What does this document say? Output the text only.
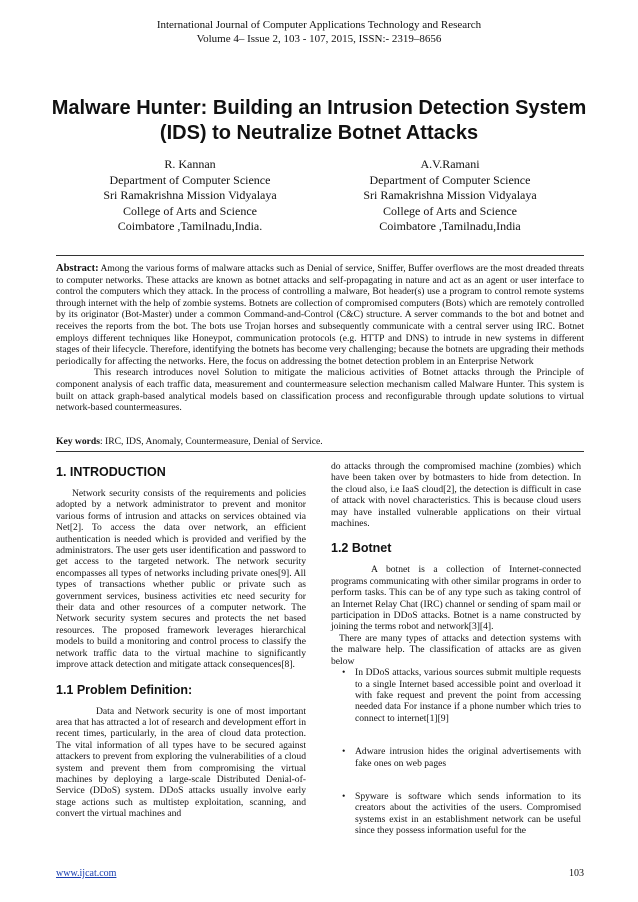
International Journal of Computer Applications Technology and Research
Volume 4– Issue 2, 103 - 107, 2015, ISSN:- 2319–8656
Malware Hunter: Building an Intrusion Detection System
(IDS) to Neutralize Botnet Attacks
R. Kannan
Department of Computer Science
Sri Ramakrishna Mission Vidyalaya
College of Arts and Science
Coimbatore ,Tamilnadu,India.
A.V.Ramani
Department of Computer Science
Sri Ramakrishna Mission Vidyalaya
College of Arts and Science
Coimbatore ,Tamilnadu,India

Abstract: Among the various forms of malware attacks such as Denial of service, Sniffer, Buffer overflows are the most dreaded threats to computer networks. These attacks are known as botnet attacks and self-propagating in nature and act as an agent or user interface to control the computers which they attack. In the process of controlling a malware, Bot header(s) use a program to control remote systems through internet with the help of zombie systems. Botnets are collection of compromised computers (Bots) which are remotely controlled by its originator (Bot-Master) under a common Command-and-Control (C&C) structure. A server commands to the bot and botnet and receives the reports from the bot. The bots use Trojan horses and subsequently communicate with a central server using IRC. Botnet employs different techniques like Honeypot, communication protocols (e.g. HTTP and DNS) to intrude in new systems in different stages of their lifecycle. Therefore, identifying the botnets has become very challenging; because the botnets are upgrading their methods periodically for affecting the networks. Here, the focus on addressing the botnet detection problem in an Enterprise Network

This research introduces novel Solution to mitigate the malicious activities of Botnet attacks through the Principle of component analysis of each traffic data, measurement and countermeasure selection mechanism called Malware Hunter. This system is built on attack graph-based analytical models based on classification process and reconfigurable through update solutions to virtual network-based countermeasures.

Key words: IRC, IDS, Anomaly, Countermeasure, Denial of Service.
1. INTRODUCTION

Network security consists of the requirements and policies adopted by a network administrator to prevent and monitor various forms of intrusion and attacks on services obtained via Net[2]. To access the data over network, an efficient authentication is needed which is provided and verified by the administrators. The user gets user identification and password to get access to the targeted network. The network security encompasses all types of networks including private ones[9]. All types of transactions whether public or private such as government services, business activities etc need security for their data and other resources of a computer network. The Network security system secures and protects the net based resources. The proposed framework leverages hierarchical models to build a monitoring and control process to classify the network traffic data to the virtual machine to significantly improve attack detection and mitigate attack consequences[8].

1.1 Problem Definition:

Data and Network security is one of most important area that has attracted a lot of research and development effort in recent times, particularly, in the area of cloud data protection. The vital information of all types have to be secured against attackers to prevent from exploring the vulnerabilities of a cloud system and prevent them from compromising the virtual machines by deploying a large-scale Distributed Denial-of-Service (DDoS) system. DDoS attacks usually involve early stage actions such as multistep exploitation, scanning, and convert the virtual machines and

do attacks through the compromised machine (zombies) which have been taken over by botmasters to hide from detection. In the cloud also, i.e IaaS cloud[2], the detection is difficult in case of attack with novel characteristics. This is because cloud users may have installed vulnerable applications on their virtual machines.

1.2 Botnet

A botnet is a collection of Internet-connected programs communicating with other similar programs in order to perform tasks. This can be of any type such as taking control of an Internet Relay Chat (IRC) channel or sending of spam mail or participation in DDoS attacks. Botnet is a name constructed by joining the terms robot and network[3][4].

There are many types of attacks and detection systems with the malware help. The classification of attacks are as given below

• In DDoS attacks, various sources submit multiple requests to a single Internet based accessible point and overload it with fake request and prevent the point from accessing needed data For instance if a phone number which tries to connect to internet[1][9]
• Adware intrusion hides the original advertisements with fake ones on web pages
• Spyware is software which sends information to its creators about the activities of the users. Compromised systems exist in an establishment network can be useful since they possess information useful for the
www.ijcat.com	103
